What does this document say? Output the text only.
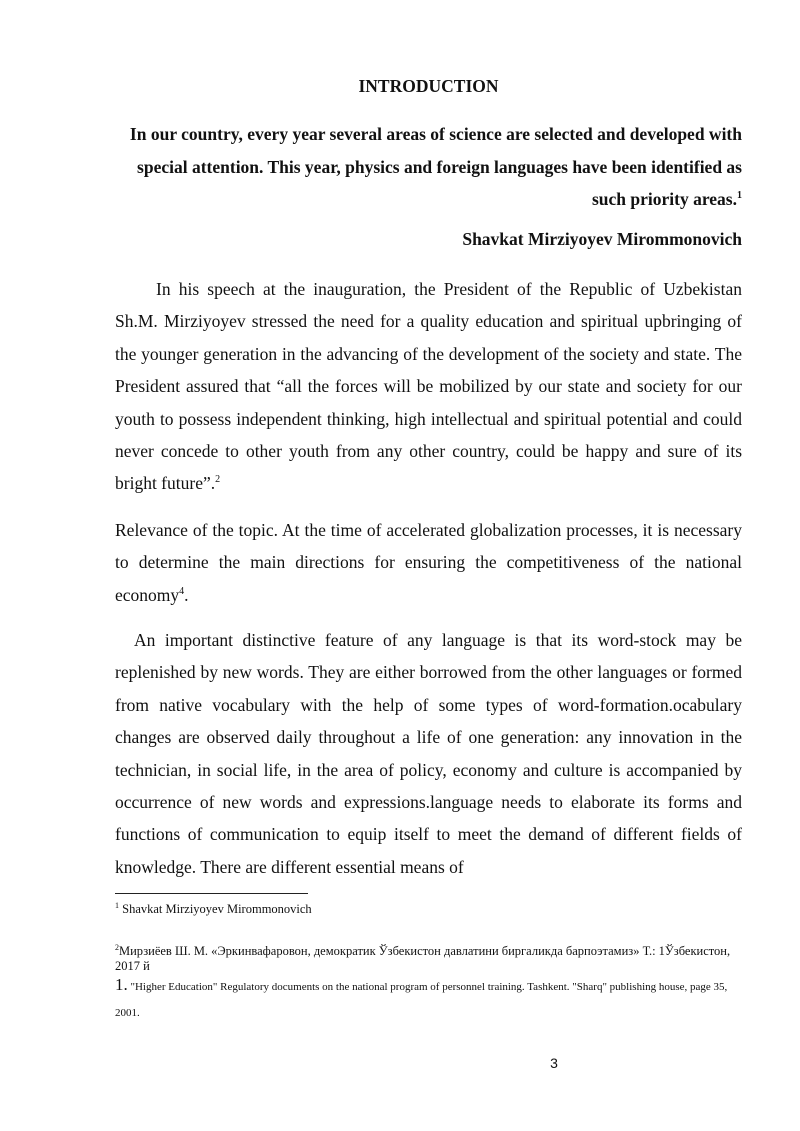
INTRODUCTION
In our country, every year several areas of science are selected and developed with special attention. This year, physics and foreign languages have been identified as such priority areas.$^1$
Shavkat Mirziyoyev Mirommonovich

In his speech at the inauguration, the President of the Republic of Uzbekistan Sh.M. Mirziyoyev stressed the need for a quality education and spiritual upbringing of the younger generation in the advancing of the development of the society and state. The President assured that “all the forces will be mobilized by our state and society for our youth to possess independent thinking, high intellectual and spiritual potential and could never concede to other youth from any other country, could be happy and sure of its bright future”.$^2$

Relevance of the topic. At the time of accelerated globalization processes, it is necessary to determine the main directions for ensuring the competitiveness of the national economy$^4$.

An important distinctive feature of any language is that its word-stock may be replenished by new words. They are either borrowed from the other languages or formed from native vocabulary with the help of some types of word-formation.ocabulary changes are observed daily throughout a life of one generation: any innovation in the technician, in social life, in the area of policy, economy and culture is accompanied by occurrence of new words and expressions.language needs to elaborate its forms and functions of communication to equip itself to meet the demand of different fields of knowledge. There are different essential means of

$^1$ Shavkat Mirziyoyev Mirommonovich
$^2$Мирзиёев Ш. М. «Эркинвафаровон, демократик Ўзбекистон давлатини биргаликда барпоэтамиз» Т.: 1Ўзбекистон, 2017 й
1. "Higher Education" Regulatory documents on the national program of personnel training. Tashkent. "Sharq" publishing house, page 35, 2001.
3
